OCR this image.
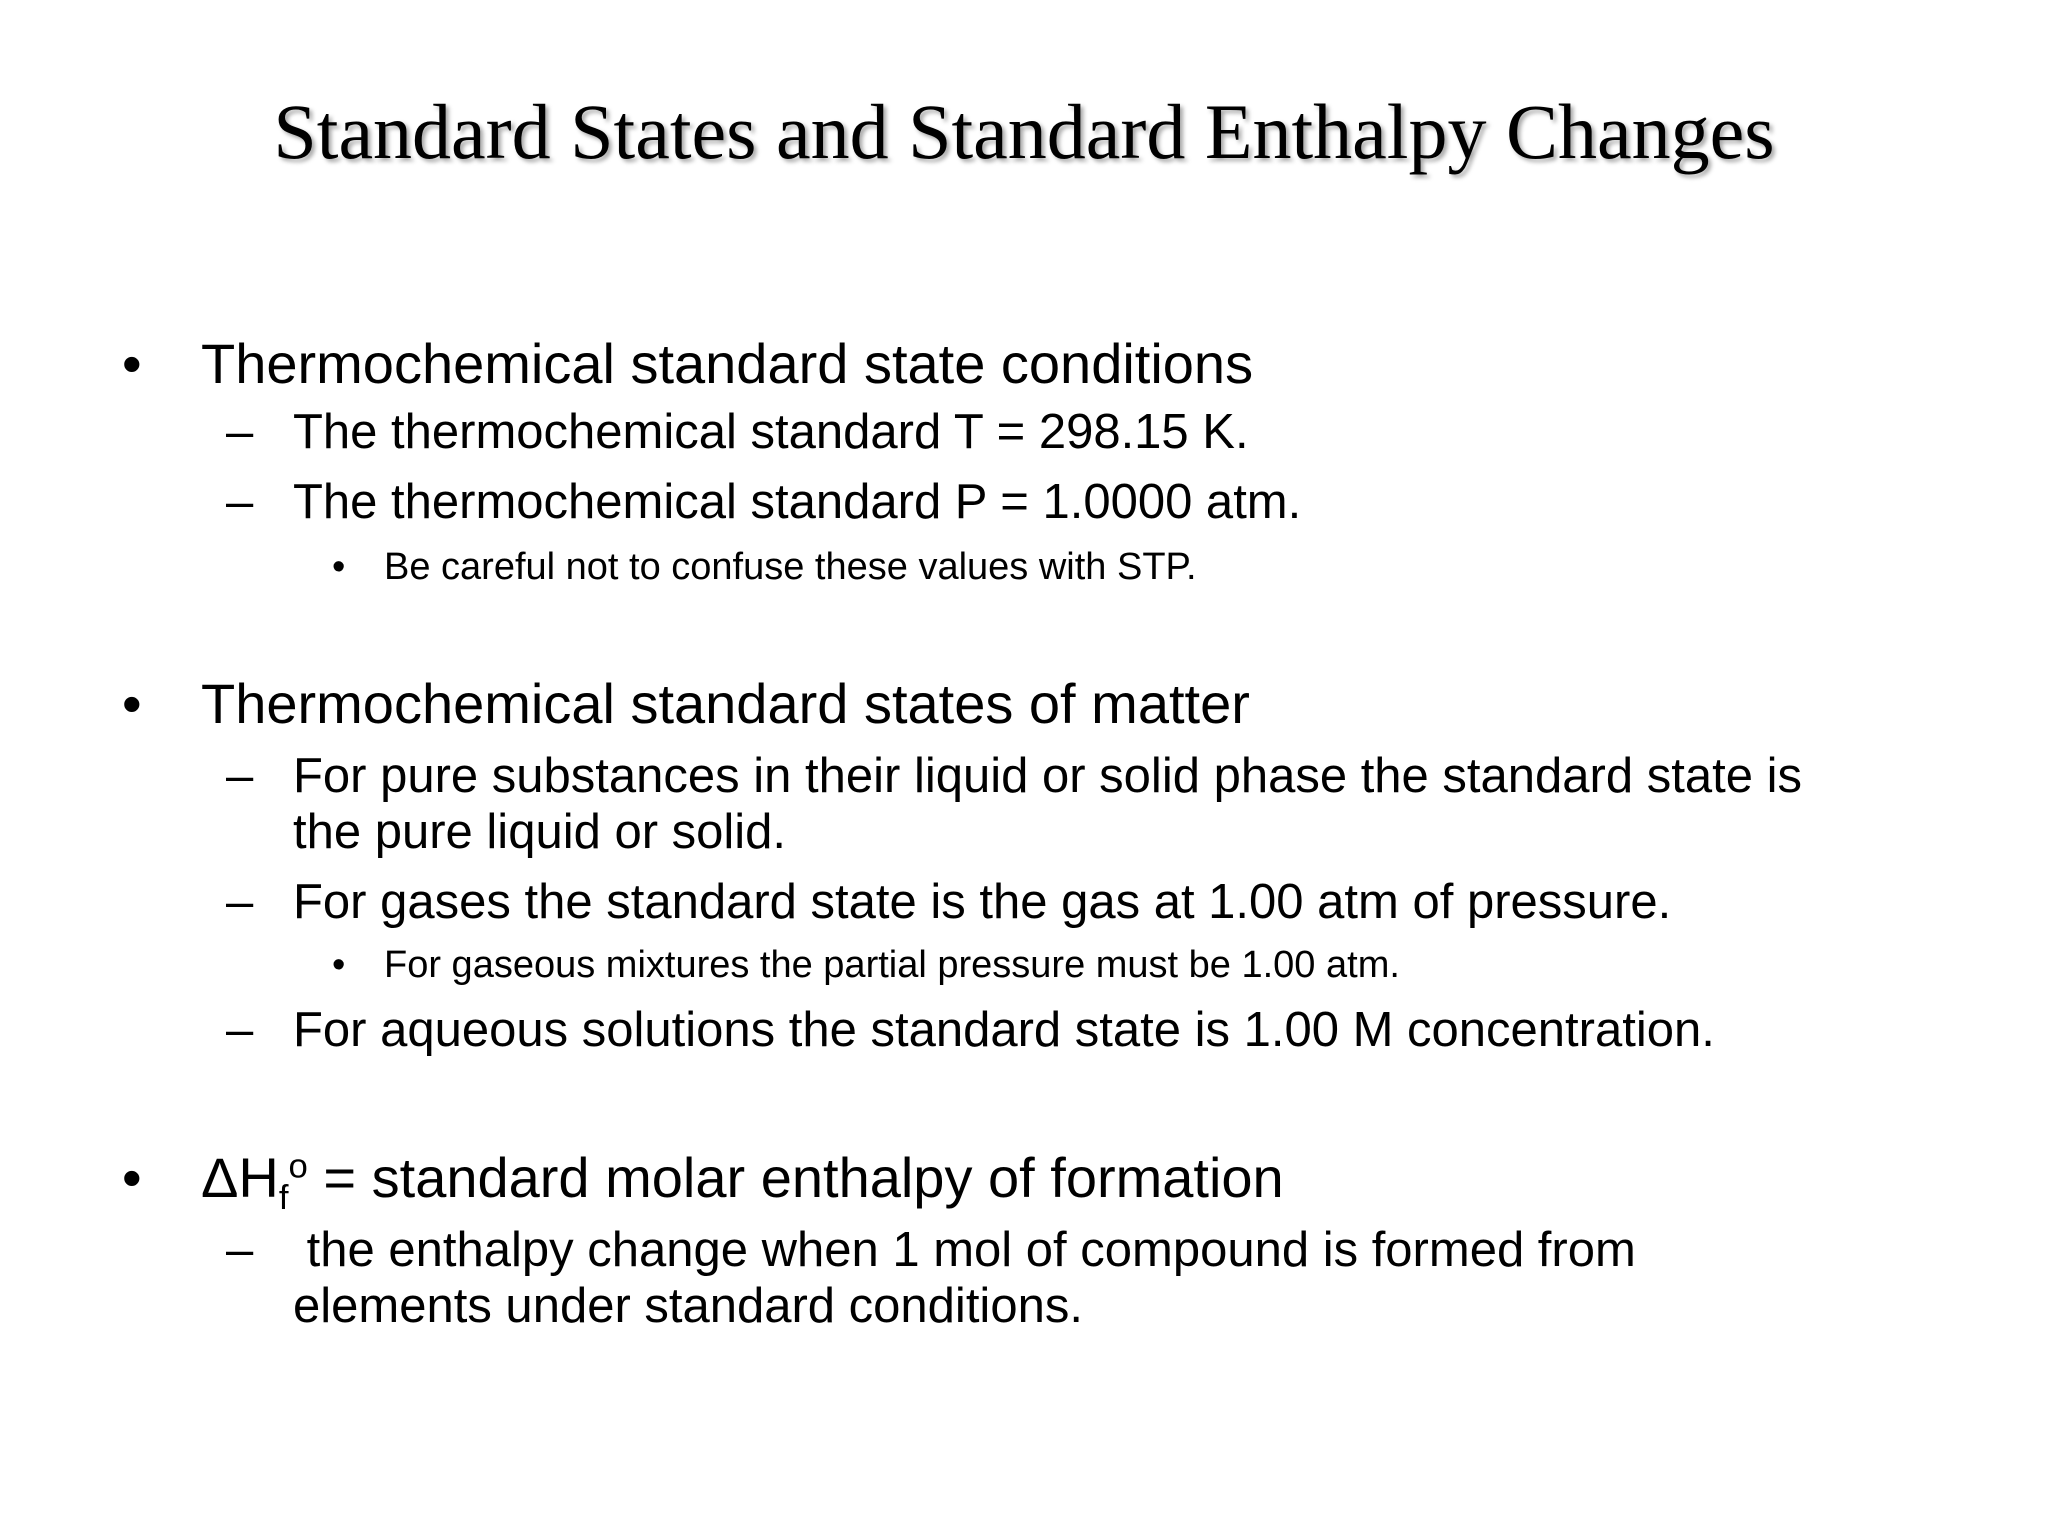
Standard States and Standard Enthalpy Changes
• Thermochemical standard state conditions
– The thermochemical standard T = 298.15 K.
– The thermochemical standard P = 1.0000 atm.
• Be careful not to confuse these values with STP.
• Thermochemical standard states of matter
– For pure substances in their liquid or solid phase the standard state is
the pure liquid or solid.
– For gases the standard state is the gas at 1.00 atm of pressure.
• For gaseous mixtures the partial pressure must be 1.00 atm.
– For aqueous solutions the standard state is 1.00 M concentration.
• $\Delta H_f^o$ = standard molar enthalpy of formation
– the enthalpy change when 1 mol of compound is formed from
elements under standard conditions.
